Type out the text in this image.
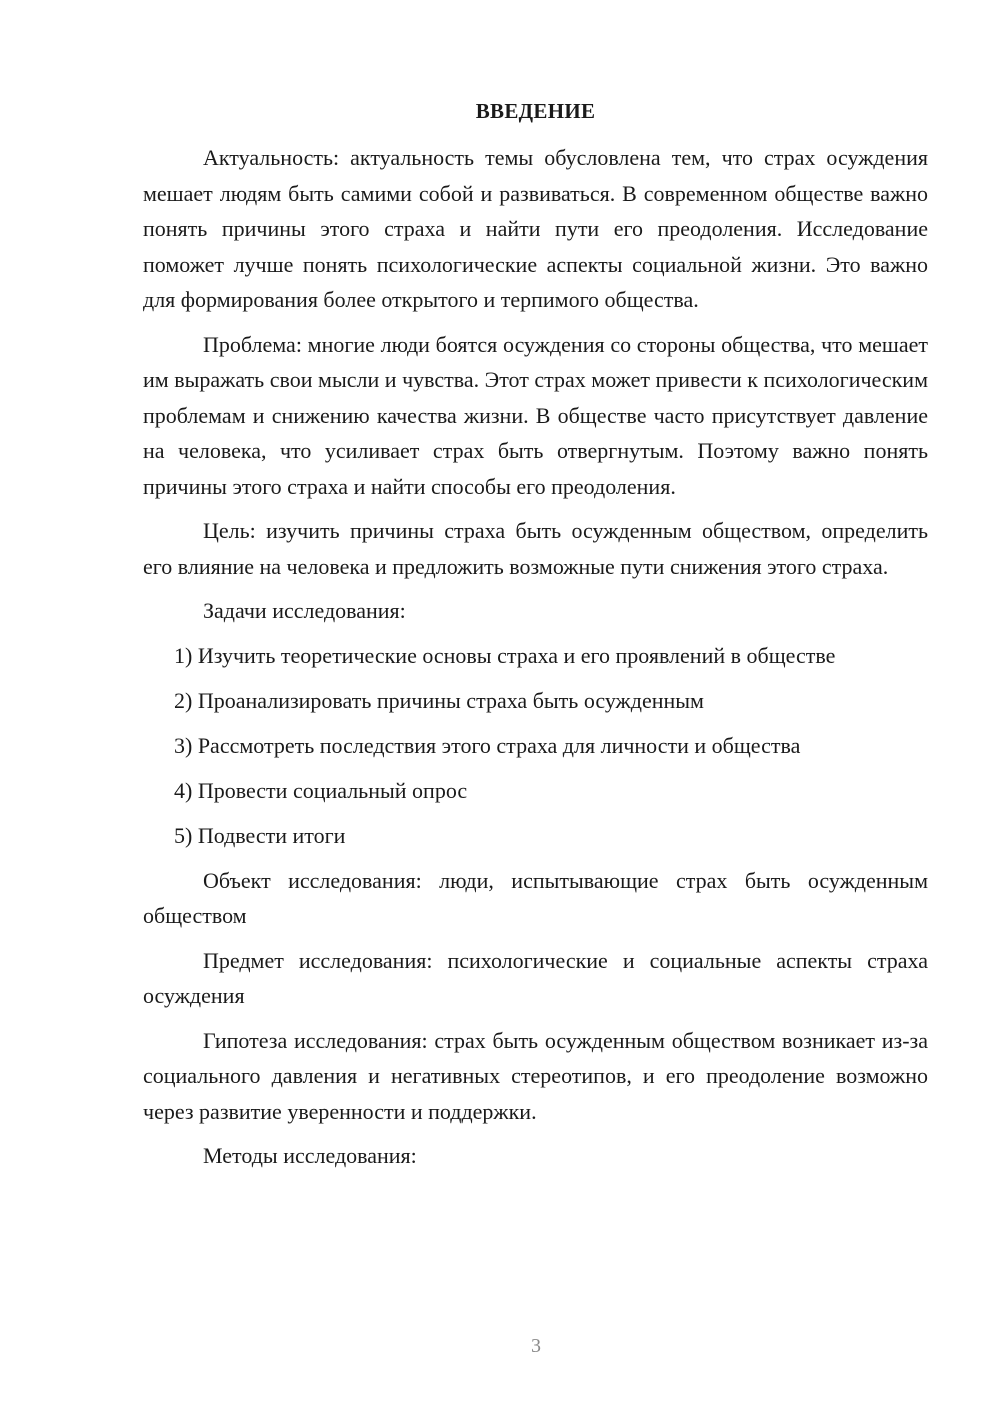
ВВЕДЕНИЕ

Актуальность: актуальность темы обусловлена тем, что страх осуждения мешает людям быть самими собой и развиваться. В современном обществе важно понять причины этого страха и найти пути его преодоления. Исследование поможет лучше понять психологические аспекты социальной жизни. Это важно для формирования более открытого и терпимого общества.

Проблема: многие люди боятся осуждения со стороны общества, что мешает им выражать свои мысли и чувства. Этот страх может привести к психологическим проблемам и снижению качества жизни. В обществе часто присутствует давление на человека, что усиливает страх быть отвергнутым. Поэтому важно понять причины этого страха и найти способы его преодоления.

Цель: изучить причины страха быть осужденным обществом, определить его влияние на человека и предложить возможные пути снижения этого страха.

Задачи исследования:

1) Изучить теоретические основы страха и его проявлений в обществе

2) Проанализировать причины страха быть осужденным

3) Рассмотреть последствия этого страха для личности и общества

4) Провести социальный опрос

5) Подвести итоги

Объект исследования: люди, испытывающие страх быть осужденным обществом

Предмет исследования: психологические и социальные аспекты страха осуждения

Гипотеза исследования: страх быть осужденным обществом возникает из-за социального давления и негативных стереотипов, и его преодоление возможно через развитие уверенности и поддержки.

Методы исследования:

3
